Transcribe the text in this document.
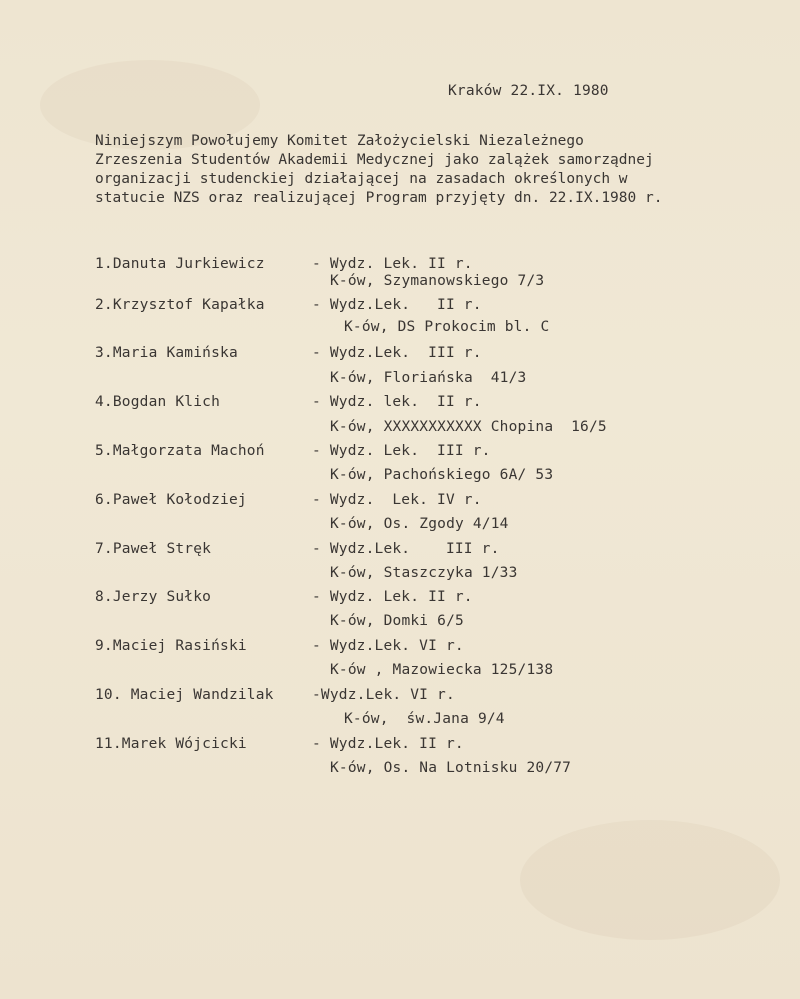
Kraków 22.IX. 1980
Niniejszym Powołujemy Komitet Założycielski Niezależnego
Zrzeszenia Studentów Akademii Medycznej jako zalążek samorządnej
organizacji studenckiej działającej na zasadach określonych w
statucie NZS oraz realizującej Program przyjęty dn. 22.IX.1980 r.
1.Danuta Jurkiewicz	- Wydz. Lek. II r.
K-ów, Szymanowskiego 7/3
2.Krzysztof Kapałka	- Wydz.Lek.   II r.
K-ów, DS Prokocim bl. C
3.Maria Kamińska	- Wydz.Lek.  III r.
K-ów, Floriańska  41/3
4.Bogdan Klich	- Wydz. lek.  II r.
K-ów, XXXXXXXXXXX Chopina  16/5
5.Małgorzata Machoń	- Wydz. Lek.  III r.
K-ów, Pachońskiego 6A/ 53
6.Paweł Kołodziej	- Wydz.  Lek. IV r.
K-ów, Os. Zgody 4/14
7.Paweł Stręk	- Wydz.Lek.    III r.
K-ów, Staszczyka 1/33
8.Jerzy Sułko	- Wydz. Lek. II r.
K-ów, Domki 6/5
9.Maciej Rasiński	- Wydz.Lek. VI r.
K-ów , Mazowiecka 125/138
10. Maciej Wandzilak	-Wydz.Lek. VI r.
K-ów,  św.Jana 9/4
11.Marek Wójcicki	- Wydz.Lek. II r.
K-ów, Os. Na Lotnisku 20/77
